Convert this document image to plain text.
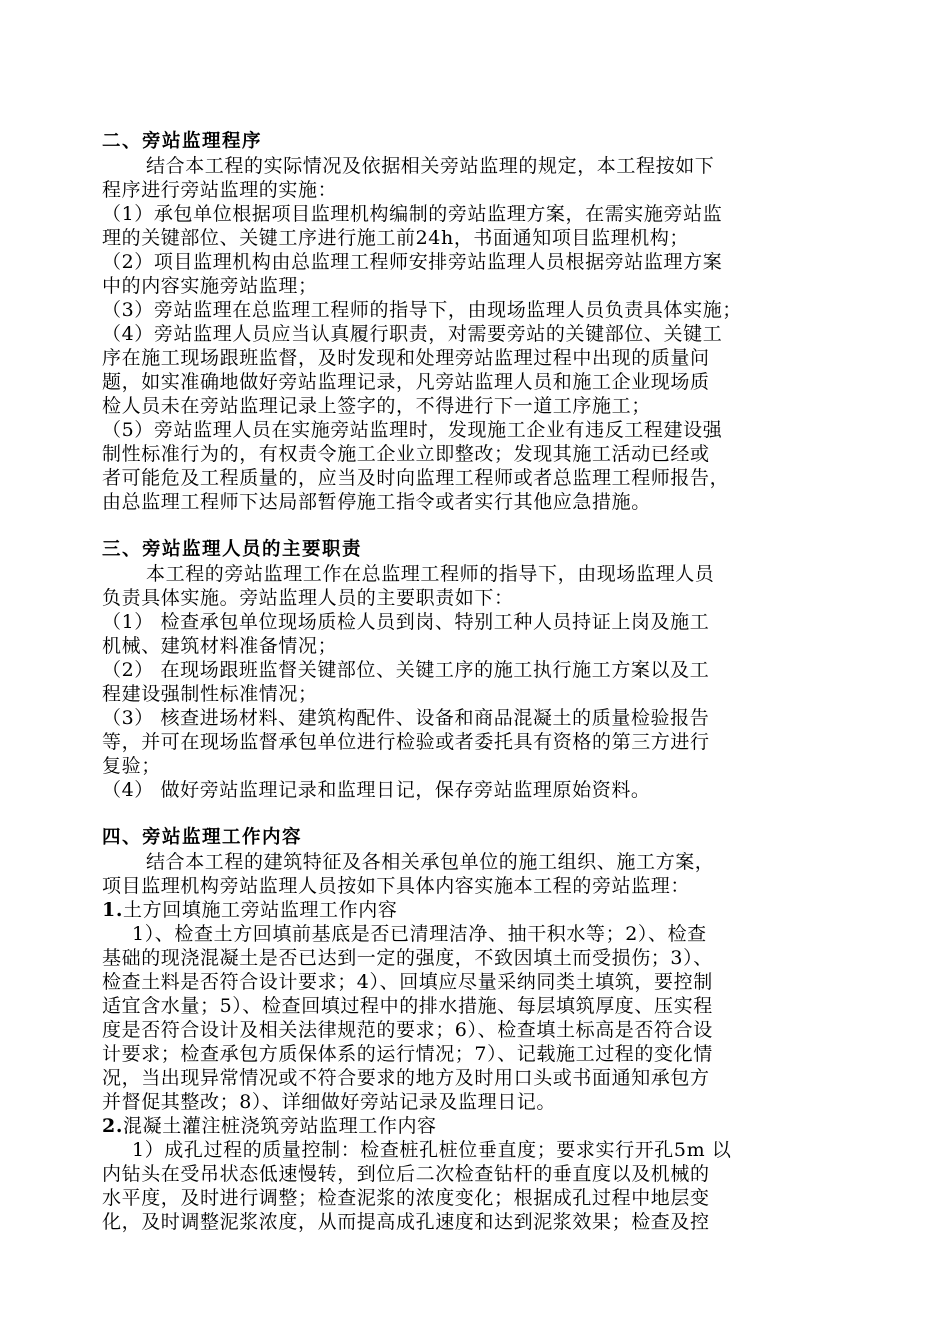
二、旁站监理程序
结合本工程的实际情况及依据相关旁站监理的规定，本工程按如下
程序进行旁站监理的实施：
（1）承包单位根据项目监理机构编制的旁站监理方案，在需实施旁站监
理的关键部位、关键工序进行施工前24h，书面通知项目监理机构；
（2）项目监理机构由总监理工程师安排旁站监理人员根据旁站监理方案
中的内容实施旁站监理；
（3）旁站监理在总监理工程师的指导下，由现场监理人员负责具体实施；
（4）旁站监理人员应当认真履行职责，对需要旁站的关键部位、关键工
序在施工现场跟班监督，及时发现和处理旁站监理过程中出现的质量问
题，如实准确地做好旁站监理记录，凡旁站监理人员和施工企业现场质
检人员未在旁站监理记录上签字的，不得进行下一道工序施工；
（5）旁站监理人员在实施旁站监理时，发现施工企业有违反工程建设强
制性标准行为的，有权责令施工企业立即整改；发现其施工活动已经或
者可能危及工程质量的，应当及时向监理工程师或者总监理工程师报告，
由总监理工程师下达局部暂停施工指令或者实行其他应急措施。
三、旁站监理人员的主要职责
本工程的旁站监理工作在总监理工程师的指导下，由现场监理人员
负责具体实施。旁站监理人员的主要职责如下：
（1） 检查承包单位现场质检人员到岗、特别工种人员持证上岗及施工
机械、建筑材料准备情况；
（2） 在现场跟班监督关键部位、关键工序的施工执行施工方案以及工
程建设强制性标准情况；
（3） 核查进场材料、建筑构配件、设备和商品混凝土的质量检验报告
等，并可在现场监督承包单位进行检验或者委托具有资格的第三方进行
复验；
（4） 做好旁站监理记录和监理日记，保存旁站监理原始资料。
四、旁站监理工作内容
结合本工程的建筑特征及各相关承包单位的施工组织、施工方案，
项目监理机构旁站监理人员按如下具体内容实施本工程的旁站监理：
1.土方回填施工旁站监理工作内容
1）、检查土方回填前基底是否已清理洁净、抽干积水等；2）、检查
基础的现浇混凝土是否已达到一定的强度，不致因填土而受损伤；3）、
检查土料是否符合设计要求；4）、回填应尽量采纳同类土填筑，要控制
适宜含水量；5）、检查回填过程中的排水措施、每层填筑厚度、压实程
度是否符合设计及相关法律规范的要求；6）、检查填土标高是否符合设
计要求；检查承包方质保体系的运行情况；7）、记载施工过程的变化情
况，当出现异常情况或不符合要求的地方及时用口头或书面通知承包方
并督促其整改；8）、详细做好旁站记录及监理日记。
2.混凝土灌注桩浇筑旁站监理工作内容
1）成孔过程的质量控制：检查桩孔桩位垂直度；要求实行开孔5m 以
内钻头在受吊状态低速慢转，到位后二次检查钻杆的垂直度以及机械的
水平度，及时进行调整；检查泥浆的浓度变化；根据成孔过程中地层变
化，及时调整泥浆浓度，从而提高成孔速度和达到泥浆效果；检查及控
